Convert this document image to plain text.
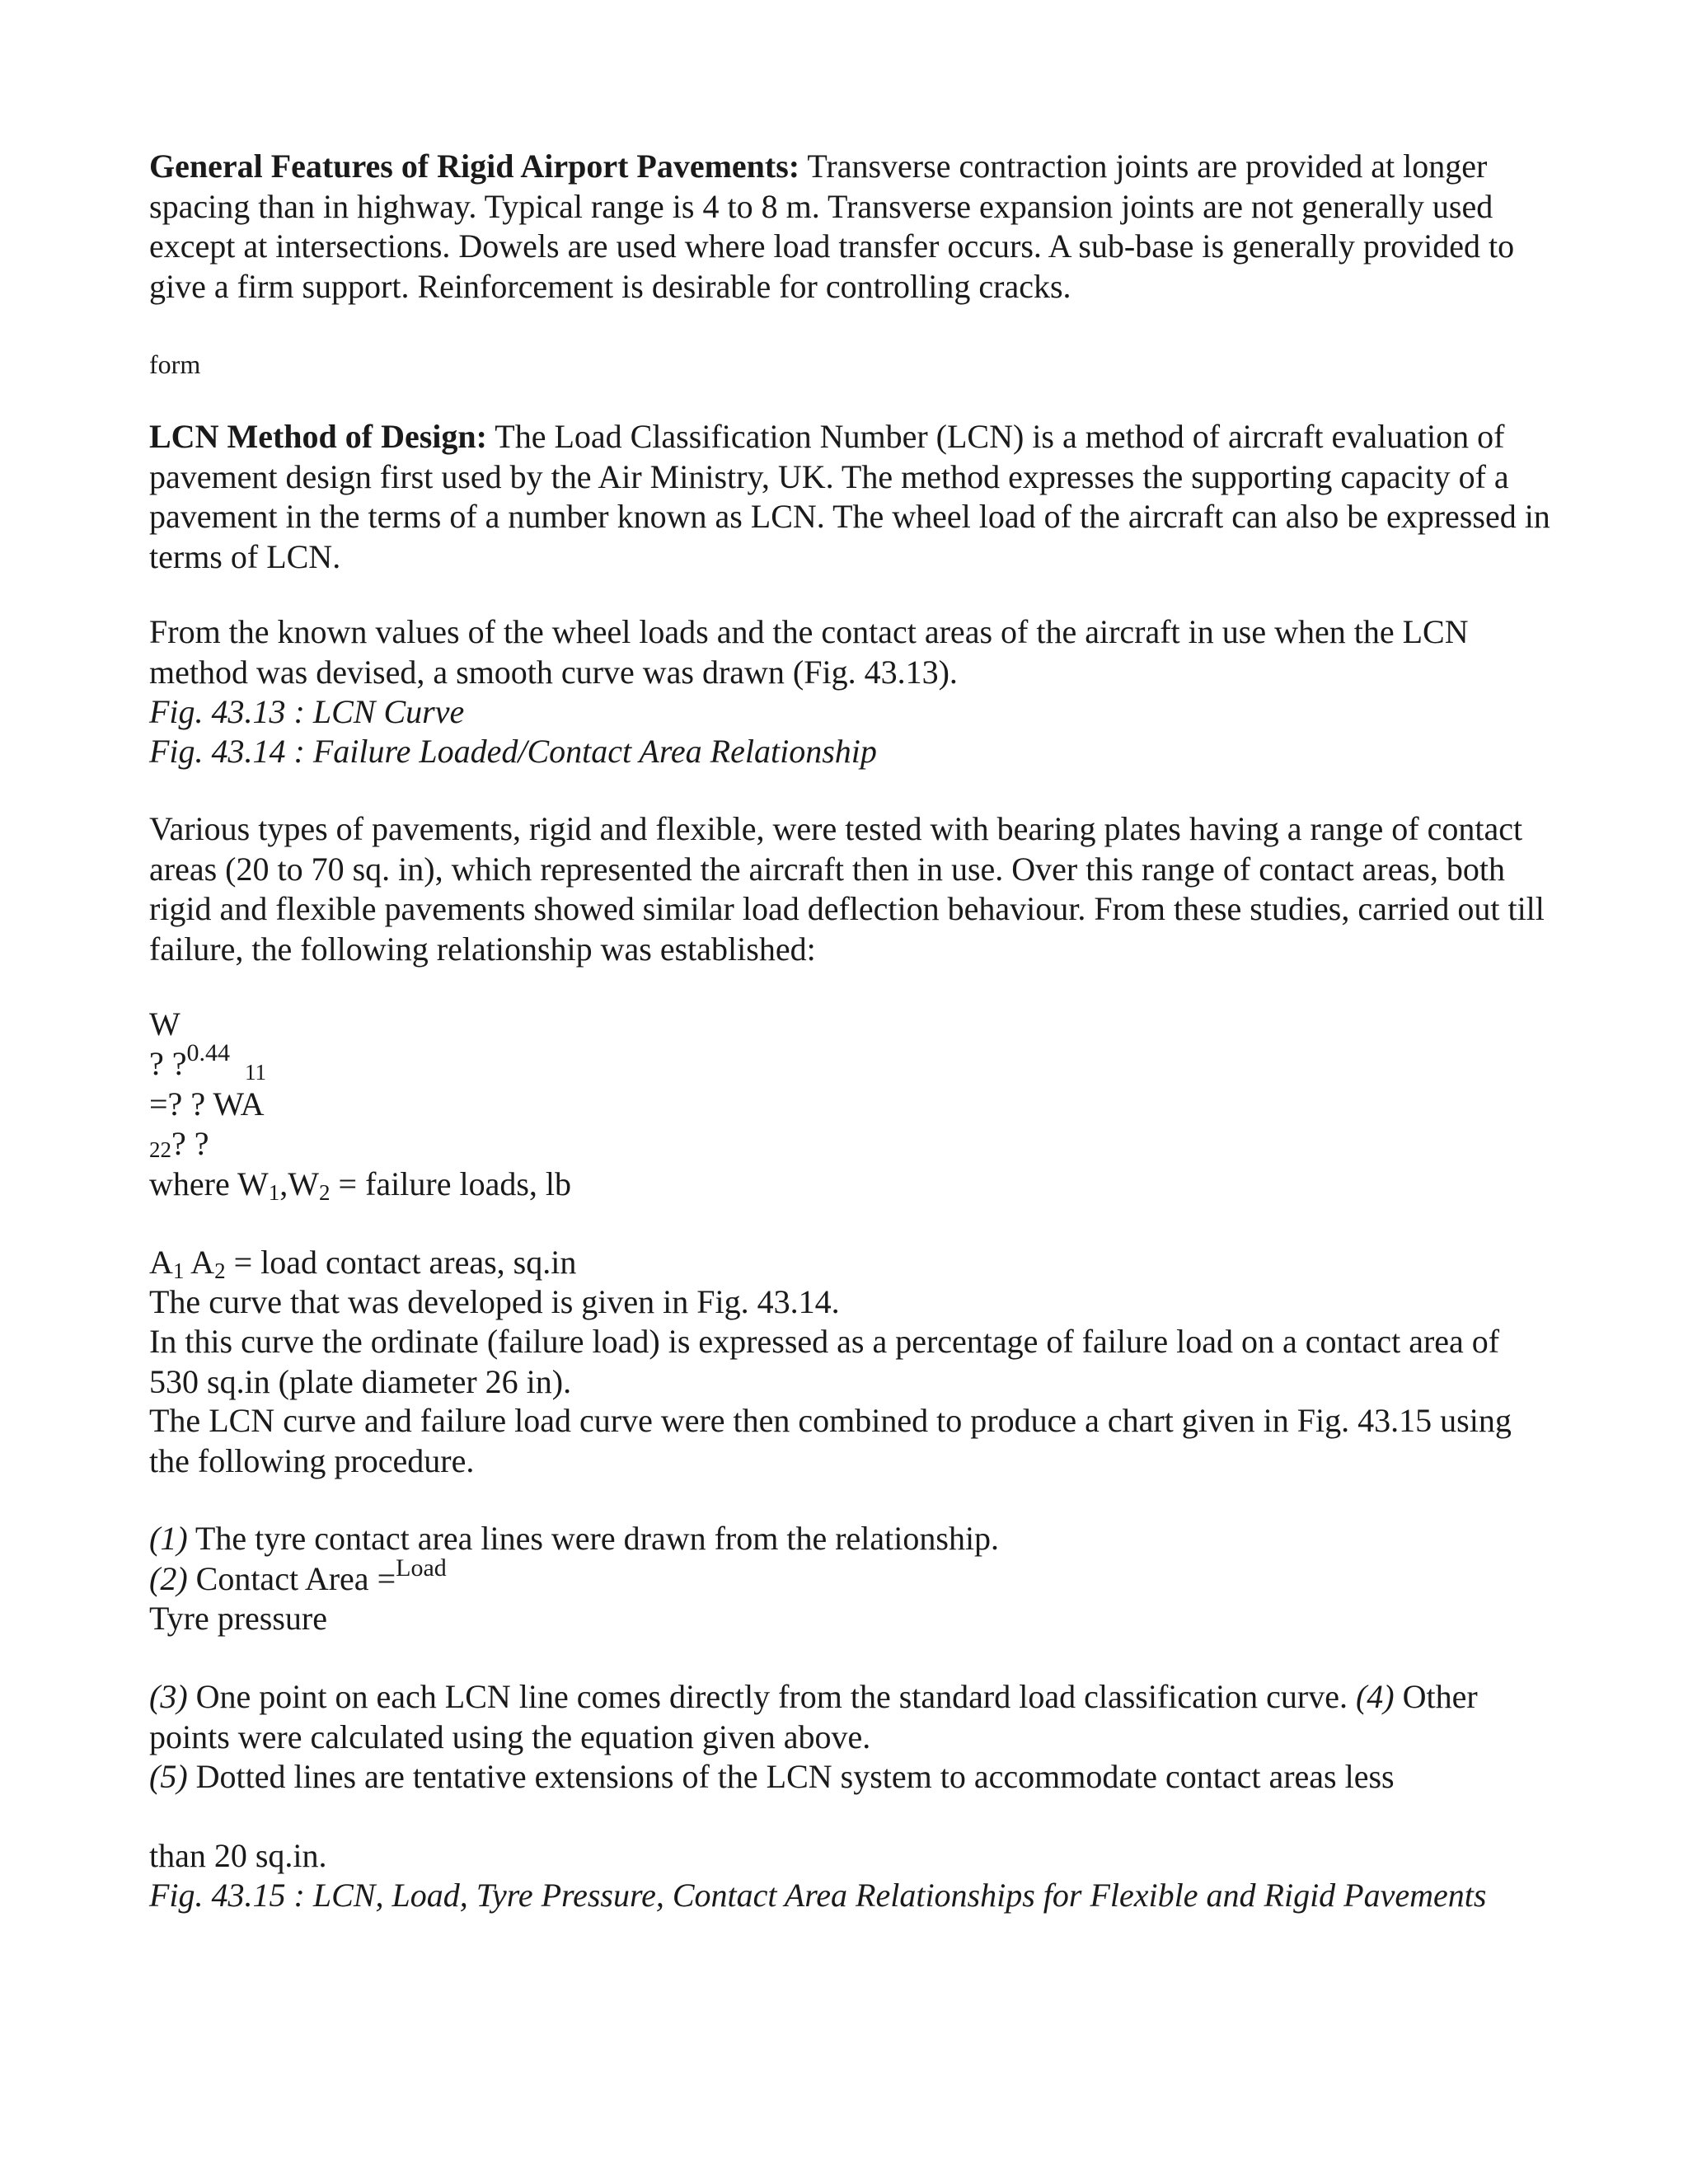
General Features of Rigid Airport Pavements: Transverse contraction joints are provided at longer spacing than in highway. Typical range is 4 to 8 m. Transverse expansion joints are not generally used except at intersections. Dowels are used where load transfer occurs. A sub-base is generally provided to give a firm support. Reinforcement is desirable for controlling cracks.

form

LCN Method of Design: The Load Classification Number (LCN) is a method of aircraft evaluation of pavement design first used by the Air Ministry, UK. The method expresses the supporting capacity of a pavement in the terms of a number known as LCN. The wheel load of the aircraft can also be expressed in terms of LCN.

From the known values of the wheel loads and the contact areas of the aircraft in use when the LCN method was devised, a smooth curve was drawn (Fig. 43.13).

Fig. 43.13 : LCN Curve

Fig. 43.14 : Failure Loaded/Contact Area Relationship

Various types of pavements, rigid and flexible, were tested with bearing plates having a range of contact areas (20 to 70 sq. in), which represented the aircraft then in use. Over this range of contact areas, both rigid and flexible pavements showed similar load deflection behaviour. From these studies, carried out till failure, the following relationship was established:

W

? ?$^{0.44}$11

=? ? WA

22? ?

where $W_1,W_2$ = failure loads, lb

$A_1$ $A_2$ = load contact areas, sq.in

The curve that was developed is given in Fig. 43.14.

In this curve the ordinate (failure load) is expressed as a percentage of failure load on a contact area of 530 sq.in (plate diameter 26 in).

The LCN curve and failure load curve were then combined to produce a chart given in Fig. 43.15 using the following procedure.

(1) The tyre contact area lines were drawn from the relationship.

(2) Contact Area =$^{Load}$

Tyre pressure

(3) One point on each LCN line comes directly from the standard load classification curve. (4) Other points were calculated using the equation given above.

(5) Dotted lines are tentative extensions of the LCN system to accommodate contact areas less

than 20 sq.in.

Fig. 43.15 : LCN, Load, Tyre Pressure, Contact Area Relationships for Flexible and Rigid Pavements
